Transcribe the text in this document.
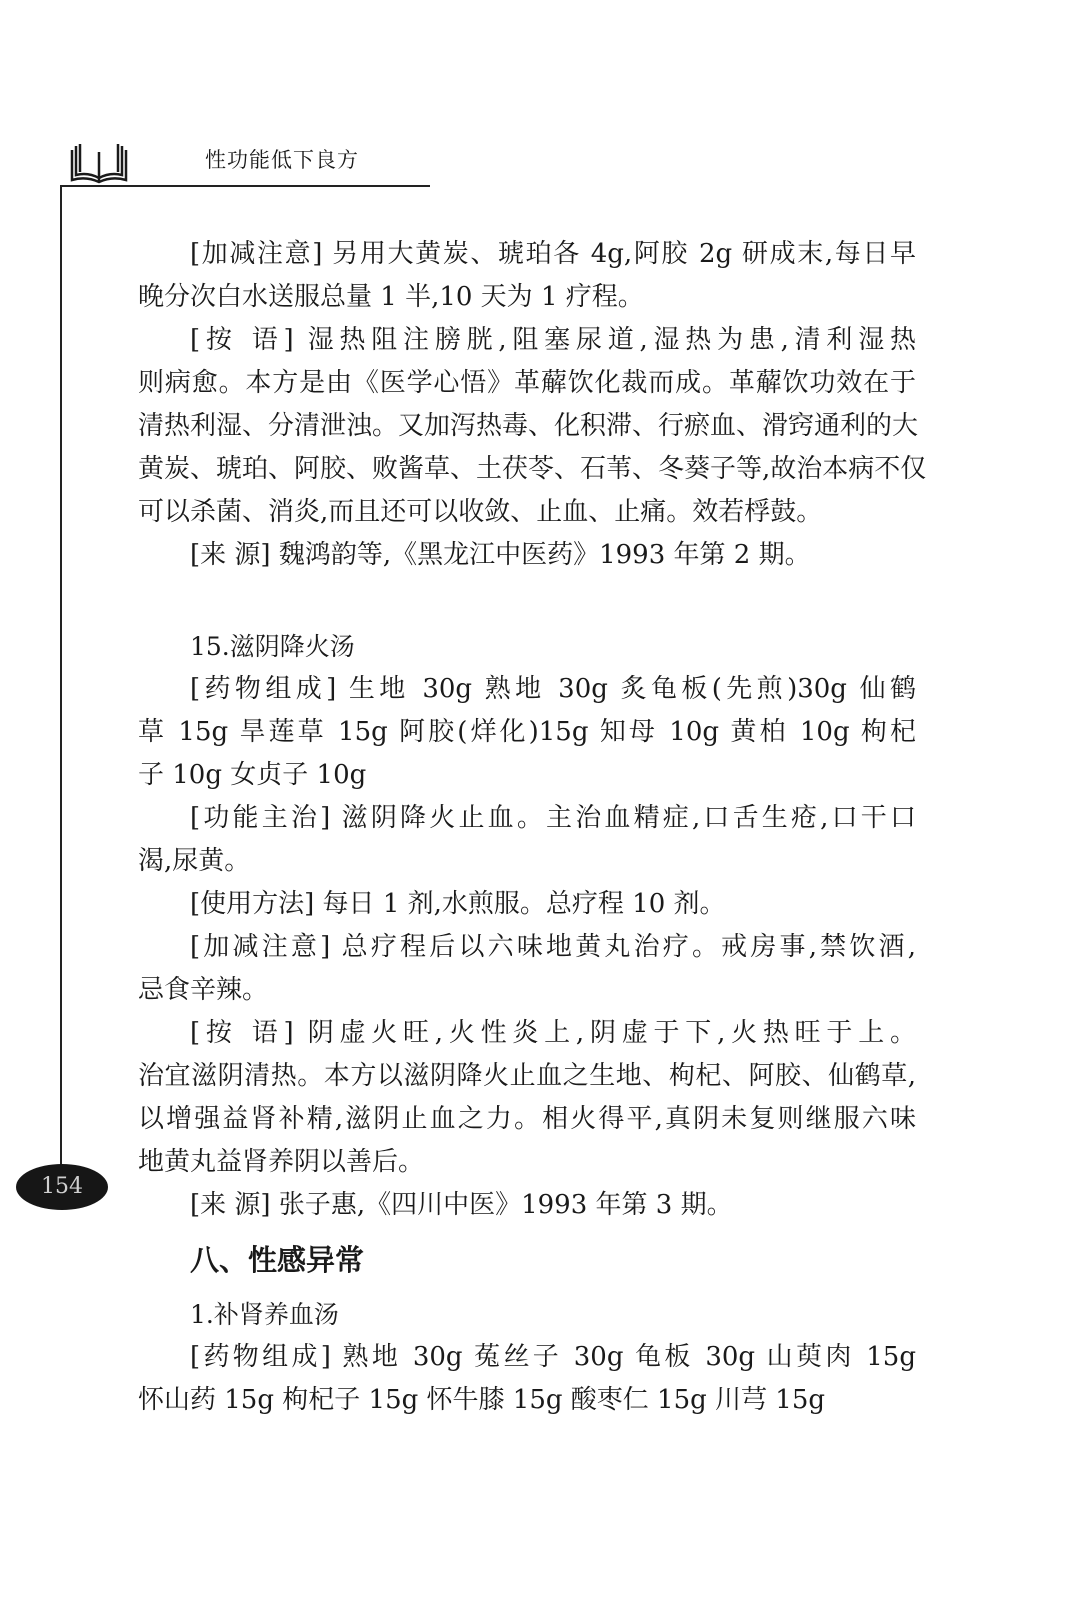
性功能低下良方
154
[加减注意] 另用大黄炭、琥珀各 4g,阿胶 2g 研成末,每日早
晚分次白水送服总量 1 半,10 天为 1 疗程。
[按 语] 湿热阻注膀胱,阻塞尿道,湿热为患,清利湿热
则病愈。本方是由《医学心悟》革薢饮化裁而成。革薢饮功效在于
清热利湿、分清泄浊。又加泻热毒、化积滞、行瘀血、滑窍通利的大
黄炭、琥珀、阿胶、败酱草、土茯苓、石苇、冬葵子等,故治本病不仅
可以杀菌、消炎,而且还可以收敛、止血、止痛。效若桴鼓。
[来 源] 魏鸿韵等,《黑龙江中医药》1993 年第 2 期。
15.滋阴降火汤
[药物组成] 生地 30g 熟地 30g 炙龟板(先煎)30g 仙鹤
草 15g 旱莲草 15g 阿胶(烊化)15g 知母 10g 黄柏 10g 枸杞
子 10g 女贞子 10g
[功能主治] 滋阴降火止血。主治血精症,口舌生疮,口干口
渴,尿黄。
[使用方法] 每日 1 剂,水煎服。总疗程 10 剂。
[加减注意] 总疗程后以六味地黄丸治疗。戒房事,禁饮酒,
忌食辛辣。
[按 语] 阴虚火旺,火性炎上,阴虚于下,火热旺于上。
治宜滋阴清热。本方以滋阴降火止血之生地、枸杞、阿胶、仙鹤草,
以增强益肾补精,滋阴止血之力。相火得平,真阴未复则继服六味
地黄丸益肾养阴以善后。
[来 源] 张子惠,《四川中医》1993 年第 3 期。
八、性感异常
1.补肾养血汤
[药物组成] 熟地 30g 菟丝子 30g 龟板 30g 山萸肉 15g
怀山药 15g 枸杞子 15g 怀牛膝 15g 酸枣仁 15g 川芎 15g
